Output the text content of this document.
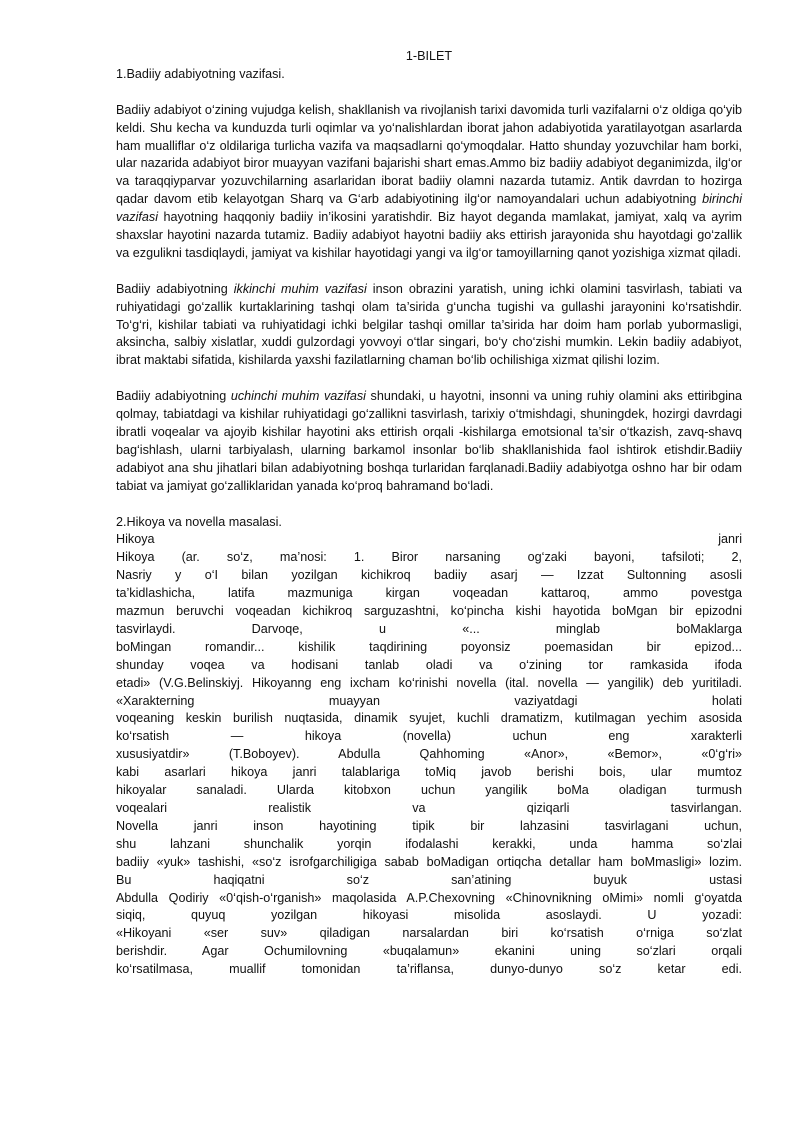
1-BILET
1.Badiiy adabiyotning vazifasi.

Badiiy adabiyot o‘zining vujudga kelish, shakllanish va rivojlanish tarixi davomida turli vazifalarni o‘z oldiga qo‘yib keldi. Shu kecha va kunduzda turli oqimlar va yo‘nalishlardan iborat jahon adabiyotida yaratilayotgan asarlarda ham mualliflar o‘z oldilariga turlicha vazifa va maqsadlarni qo‘ymoqdalar. Hatto shunday yozuvchilar ham borki, ular nazarida adabiyot biror muayyan vazifani bajarishi shart emas.Ammo biz badiiy adabiyot deganimizda, ilg‘or va taraqqiyparvar yozuvchilarning asarlaridan iborat badiiy olamni nazarda tutamiz. Antik davrdan to hozirga qadar davom etib kelayotgan Sharq va G‘arb adabiyotining ilg‘or namoyandalari uchun adabiyotning birinchi vazifasi hayotning haqqoniy badiiy in’ikosini yaratishdir. Biz hayot deganda mamlakat, jamiyat, xalq va ayrim shaxslar hayotini nazarda tutamiz. Badiiy adabiyot hayotni badiiy aks ettirish jarayonida shu hayotdagi go‘zallik va ezgulikni tasdiqlaydi, jamiyat va kishilar hayotidagi yangi va ilg‘or tamoyillarning qanot yozishiga xizmat qiladi.

Badiiy adabiyotning ikkinchi muhim vazifasi inson obrazini yaratish, uning ichki olamini tasvirlash, tabiati va ruhiyatidagi go‘zallik kurtaklarining tashqi olam ta’sirida g‘uncha tugishi va gullashi jarayonini ko‘rsatishdir. To‘g‘ri, kishilar tabiati va ruhiyatidagi ichki belgilar tashqi omillar ta’sirida har doim ham porlab yubormasligi, aksincha, salbiy xislatlar, xuddi gulzordagi yovvoyi o‘tlar singari, bo‘y cho‘zishi mumkin. Lekin badiiy adabiyot, ibrat maktabi sifatida, kishilarda yaxshi fazilatlarning chaman bo‘lib ochilishiga xizmat qilishi lozim.

Badiiy adabiyotning uchinchi muhim vazifasi shundaki, u hayotni, insonni va uning ruhiy olamini aks ettiribgina qolmay, tabiatdagi va kishilar ruhiyatidagi go‘zallikni tasvirlash, tarixiy o‘tmishdagi, shuningdek, hozirgi davrdagi ibratli voqealar va ajoyib kishilar hayotini aks ettirish orqali -kishilarga emotsional ta’sir o‘tkazish, zavq-shavq bag‘ishlash, ularni tarbiyalash, ularning barkamol insonlar bo‘lib shakllanishida faol ishtirok etishdir.Badiiy adabiyot ana shu jihatlari bilan adabiyotning boshqa turlaridan farqlanadi.Badiiy adabiyotga oshno har bir odam tabiat va jamiyat go‘zalliklaridan yanada ko‘proq bahramand bo‘ladi.

2.Hikoya va novella masalasi.
Hikoya janri
Hikoya (ar. so‘z, ma’nosi: 1. Biror narsaning og‘zaki bayoni, tafsiloti; 2,
Nasriy y o‘I bilan yozilgan kichikroq badiiy asarj — Izzat Sultonning asosli
ta’kidlashicha, latifa mazmuniga kirgan voqeadan kattaroq, ammo povestga
mazmun beruvchi voqeadan kichikroq sarguzashtni, ko‘pincha kishi hayotida boMgan bir epizodni
tasvirlaydi. Darvoqe, u «... minglab boMaklarga
boMingan romandir... kishilik taqdirining poyonsiz poemasidan bir epizod...
shunday voqea va hodisani tanlab oladi va o‘zining tor ramkasida ifoda
etadi» (V.G.Belinskiyj. Hikoyanng eng ixcham ko‘rinishi novella (ital. novella — yangilik) deb yuritiladi.
«Xarakterning muayyan vaziyatdagi holati
voqeaning keskin burilish nuqtasida, dinamik syujet, kuchli dramatizm, kutilmagan yechim asosida
ko‘rsatish — hikoya (novella) uchun eng xarakterli
xususiyatdir» (T.Boboyev). Abdulla Qahhoming «Anor», «Bemor», «0‘g‘ri»
kabi asarlari hikoya janri talablariga toMiq javob berishi bois, ular mumtoz
hikoyalar sanaladi. Ularda kitobxon uchun yangilik boMa oladigan turmush
voqealari realistik va qiziqarli tasvirlangan.
Novella janri inson hayotining tipik bir lahzasini tasvirlagani uchun,
shu lahzani shunchalik yorqin ifodalashi kerakki, unda hamma so‘zlai
badiiy «yuk» tashishi, «so‘z isrofgarchiligiga sabab boMadigan ortiqcha detallar ham boMmasligi» lozim.
Bu haqiqatni so‘z san’atining buyuk ustasi
Abdulla Qodiriy «0‘qish-o‘rganish» maqolasida A.P.Chexovning «Chinovnikning oMimi» nomli g‘oyatda
siqiq, quyuq yozilgan hikoyasi misolida asoslaydi. U yozadi:
«Hikoyani «ser suv» qiladigan narsalardan biri ko‘rsatish o‘rniga so‘zlat
berishdir. Agar Ochumilovning «buqalamun» ekanini uning so‘zlari orqali
ko‘rsatilmasa, muallif tomonidan ta’riflansa, dunyo-dunyo so‘z ketar edi.
